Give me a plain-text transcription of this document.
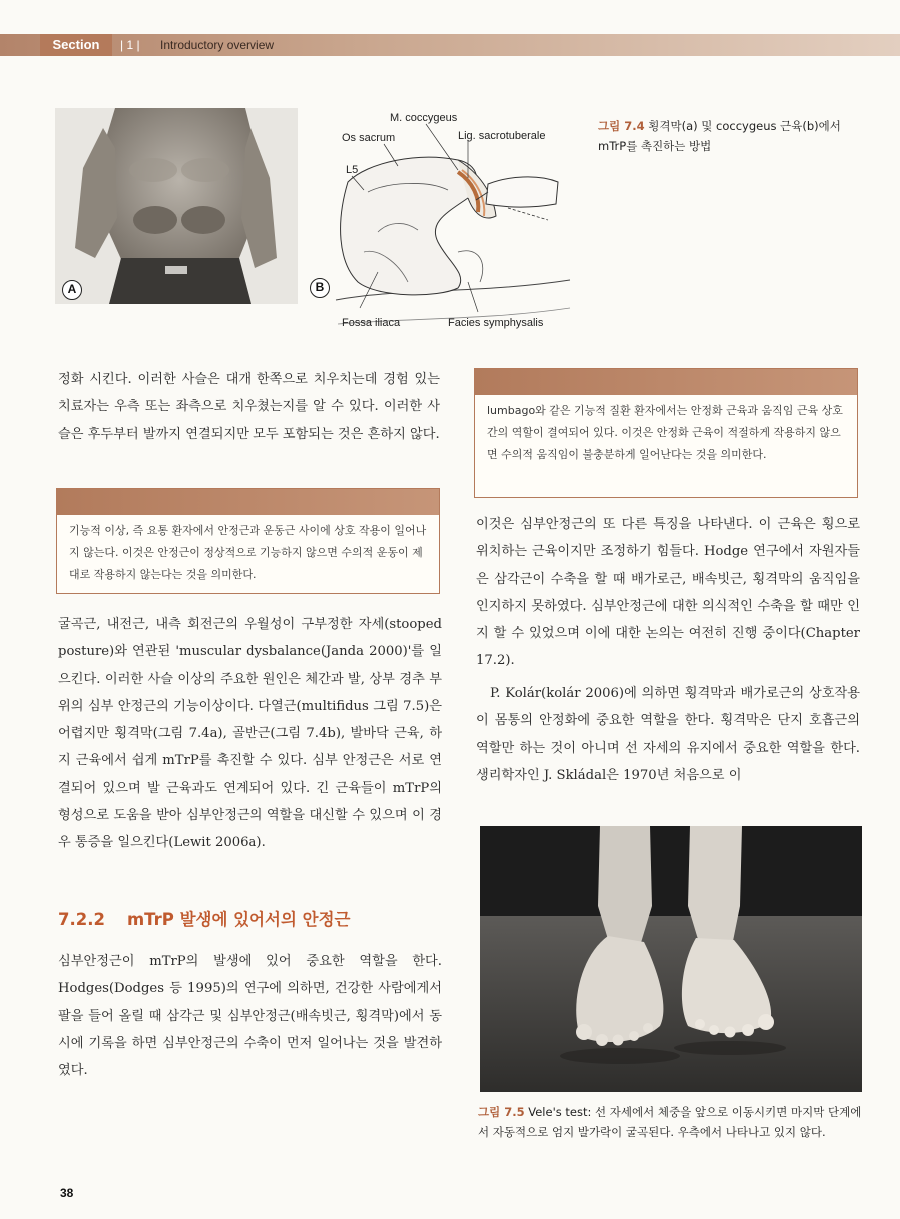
Section	| 1 | Introductory overview
A
M. coccygeus
Os sacrum	Lig. sacrotuberale
L5
Fossa iliaca	Facies symphysalis
B
그림 7.4 횡격막(a) 및 coccygeus 근육(b)에서 mTrP를 촉진하는 방법

정화 시킨다. 이러한 사슬은 대개 한쪽으로 치우치는데 경험 있는 치료자는 우측 또는 좌측으로 치우쳤는지를 알 수 있다. 이러한 사슬은 후두부터 발까지 연결되지만 모두 포함되는 것은 흔하지 않다.

기능적 이상, 즉 요통 환자에서 안정근과 운동근 사이에 상호 작용이 일어나지 않는다. 이것은 안정근이 정상적으로 기능하지 않으면 수의적 운동이 제대로 작용하지 않는다는 것을 의미한다.

굴곡근, 내전근, 내측 회전근의 우월성이 구부정한 자세(stooped posture)와 연관된 'muscular dysbalance(Janda 2000)'를 일으킨다. 이러한 사슬 이상의 주요한 원인은 체간과 발, 상부 경추 부위의 심부 안정근의 기능이상이다. 다열근(multifidus 그림 7.5)은 어렵지만 횡격막(그림 7.4a), 골반근(그림 7.4b), 발바닥 근육, 하지 근육에서 쉽게 mTrP를 촉진할 수 있다. 심부 안정근은 서로 연결되어 있으며 발 근육과도 연계되어 있다. 긴 근육들이 mTrP의 형성으로 도움을 받아 심부안정근의 역할을 대신할 수 있으며 이 경우 통증을 일으킨다(Lewit 2006a).

7.2.2 mTrP 발생에 있어서의 안정근

심부안정근이 mTrP의 발생에 있어 중요한 역할을 한다. Hodges(Dodges 등 1995)의 연구에 의하면, 건강한 사람에게서 팔을 들어 올릴 때 삼각근 및 심부안정근(배속빗근, 횡격막)에서 동시에 기록을 하면 심부안정근의 수축이 먼저 일어나는 것을 발견하였다.

lumbago와 같은 기능적 질환 환자에서는 안정화 근육과 움직임 근육 상호간의 역할이 결여되어 있다. 이것은 안정화 근육이 적절하게 작용하지 않으면 수의적 움직임이 불충분하게 일어난다는 것을 의미한다.

이것은 심부안정근의 또 다른 특징을 나타낸다. 이 근육은 횡으로 위치하는 근육이지만 조정하기 힘들다. Hodge 연구에서 자원자들은 삼각근이 수축을 할 때 배가로근, 배속빗근, 횡격막의 움직임을 인지하지 못하였다. 심부안정근에 대한 의식적인 수축을 할 때만 인지 할 수 있었으며 이에 대한 논의는 여전히 진행 중이다(Chapter 17.2).

P. Kolár(kolár 2006)에 의하면 횡격막과 배가로근의 상호작용이 몸통의 안정화에 중요한 역할을 한다. 횡격막은 단지 호흡근의 역할만 하는 것이 아니며 선 자세의 유지에서 중요한 역할을 한다. 생리학자인 J. Skládal은 1970년 처음으로 이

그림 7.5 Vele's test: 선 자세에서 체중을 앞으로 이동시키면 마지막 단계에서 자동적으로 엄지 발가락이 굴곡된다. 우측에서 나타나고 있지 않다.
38
